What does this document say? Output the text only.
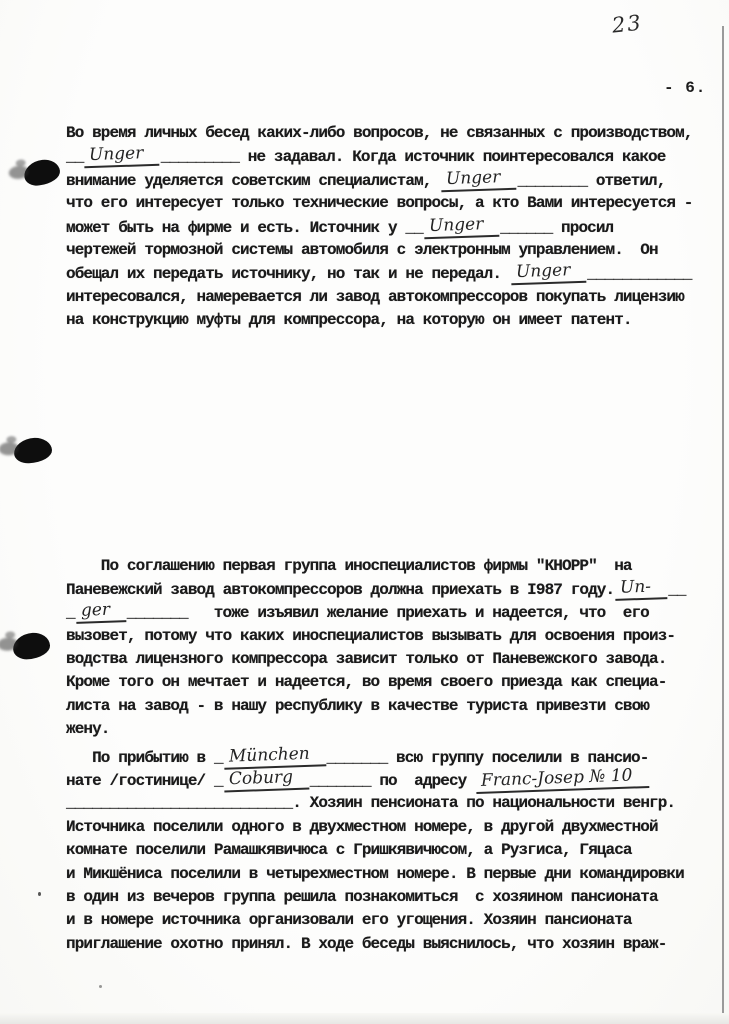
23
- 6.
Во время личных бесед каких-либо вопросов, не связанных с производством,
__ Unger _________ не задавал. Когда источник поинтересовался какое
внимание уделяется советским специалистам, Unger ________ ответил,
что его интересует только технические вопросы, а кто Вами интересуется -
может быть на фирме и есть. Источник у __ Unger ______ просил
чертежей тормозной системы автомобиля с электронным управлением.  Он
обещал их передать источнику, но так и не передал. Unger ____________
интересовался, намеревается ли завод автокомпрессоров покупать лицензию
на конструкцию муфты для компрессора, на которую он имеет патент.
По соглашению первая группа иноспециалистов фирмы "КНОРР"  на
Паневежский завод автокомпрессоров должна приехать в I987 году. Un- __
_ ger _______   тоже изъявил желание приехать и надеется, что  его
вызовет, потому что каких иноспециалистов вызывать для освоения произ-
водства лицензного компрессора зависит только от Паневежского завода.
Кроме того он мечтает и надеется, во время своего приезда как специа-
листа на завод - в нашу республику в качестве туриста привезти свою
жену.
По прибытию в _ München _______ всю группу поселили в пансио-
нате /гостинице/ _ Coburg _______ по  адресу Franc-Josep № 10
__________________________. Хозяин пенсионата по национальности венгр.
Источника поселили одного в двухместном номере, в другой двухместной
комнате поселили Рамашкявичюса с Гришкявичюсом, а Рузгиса, Гяцаса
и Микшёниса поселили в четырехместном номере. В первые дни командировки
в один из вечеров группа решила познакомиться  с хозяином пансионата
и в номере источника организовали его угощения. Хозяин пансионата
приглашение охотно принял. В ходе беседы выяснилось, что хозяин враж-
